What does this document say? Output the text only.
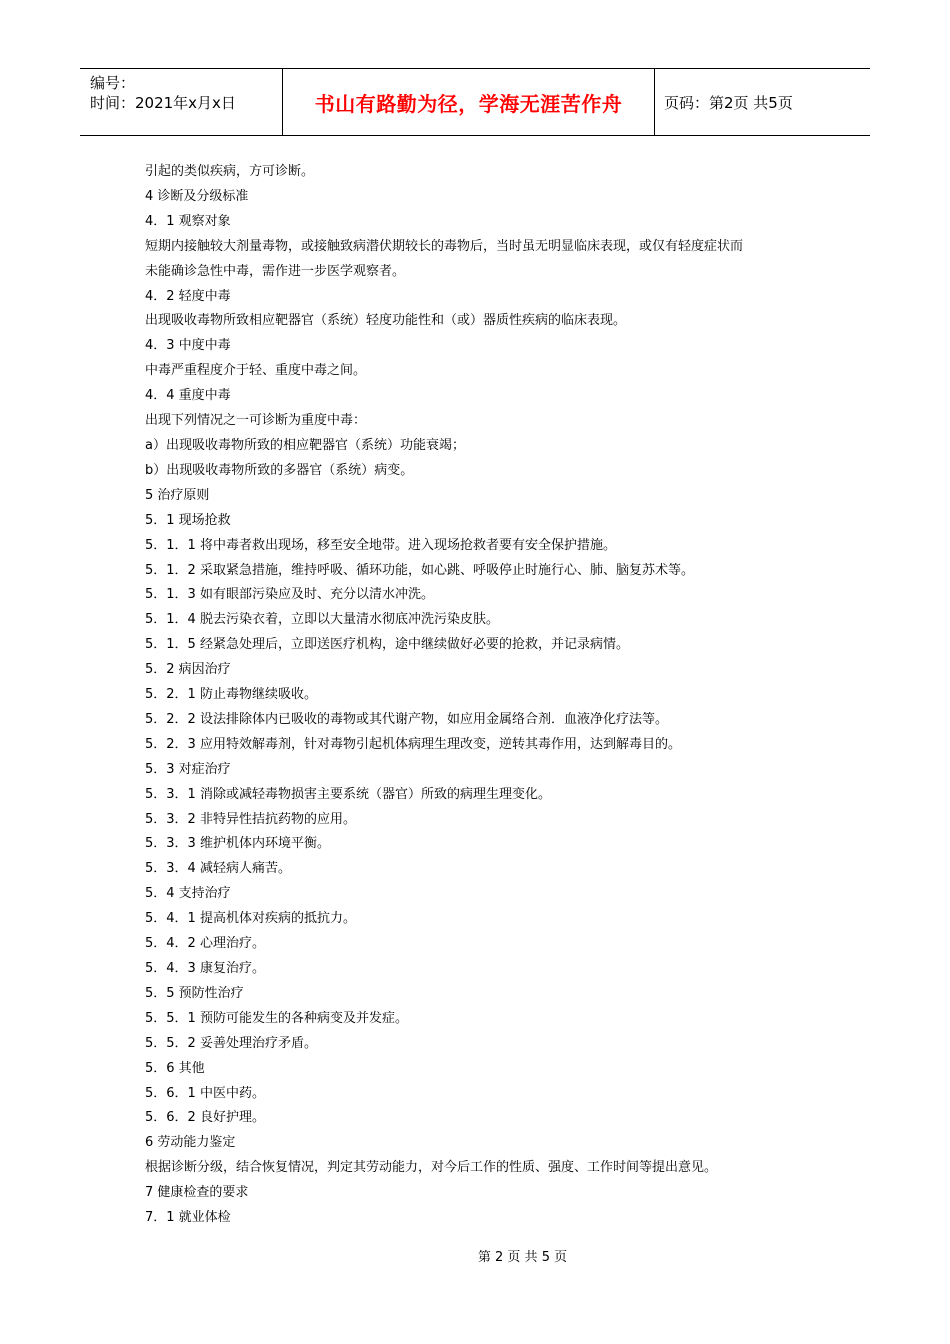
编号：
时间：2021年x月x日	书山有路勤为径，学海无涯苦作舟	页码：第2页 共5页
引起的类似疾病，方可诊断。
4 诊断及分级标准
4．1 观察对象
短期内接触较大剂量毒物，或接触致病潜伏期较长的毒物后，当时虽无明显临床表现，或仅有轻度症状而
未能确诊急性中毒，需作进一步医学观察者。
4．2 轻度中毒
出现吸收毒物所致相应靶器官（系统）轻度功能性和（或）器质性疾病的临床表现。
4．3 中度中毒
中毒严重程度介于轻、重度中毒之间。
4．4 重度中毒
出现下列情况之一可诊断为重度中毒：
a）出现吸收毒物所致的相应靶器官（系统）功能衰竭；
b）出现吸收毒物所致的多器官（系统）病变。
5 治疗原则
5．1 现场抢救
5．1．1 将中毒者救出现场，移至安全地带。进入现场抢救者要有安全保护措施。
5．1．2 采取紧急措施，维持呼吸、循环功能，如心跳、呼吸停止时施行心、肺、脑复苏术等。
5．1．3 如有眼部污染应及时、充分以清水冲洗。
5．1．4 脱去污染衣着，立即以大量清水彻底冲洗污染皮肤。
5．1．5 经紧急处理后，立即送医疗机构，途中继续做好必要的抢救，并记录病情。
5．2 病因治疗
5．2．1 防止毒物继续吸收。
5．2．2 设法排除体内已吸收的毒物或其代谢产物，如应用金属络合剂．血液净化疗法等。
5．2．3 应用特效解毒剂，针对毒物引起机体病理生理改变，逆转其毒作用，达到解毒目的。
5．3 对症治疗
5．3．1 消除或减轻毒物损害主要系统（器官）所致的病理生理变化。
5．3．2 非特异性拮抗药物的应用。
5．3．3 维护机体内环境平衡。
5．3．4 减轻病人痛苦。
5．4 支持治疗
5．4．1 提高机体对疾病的抵抗力。
5．4．2 心理治疗。
5．4．3 康复治疗。
5．5 预防性治疗
5．5．1 预防可能发生的各种病变及并发症。
5．5．2 妥善处理治疗矛盾。
5．6 其他
5．6．1 中医中药。
5．6．2 良好护理。
6 劳动能力鉴定
根据诊断分级，结合恢复情况，判定其劳动能力，对今后工作的性质、强度、工作时间等提出意见。
7 健康检查的要求
7．1 就业体检
第 2 页 共 5 页
